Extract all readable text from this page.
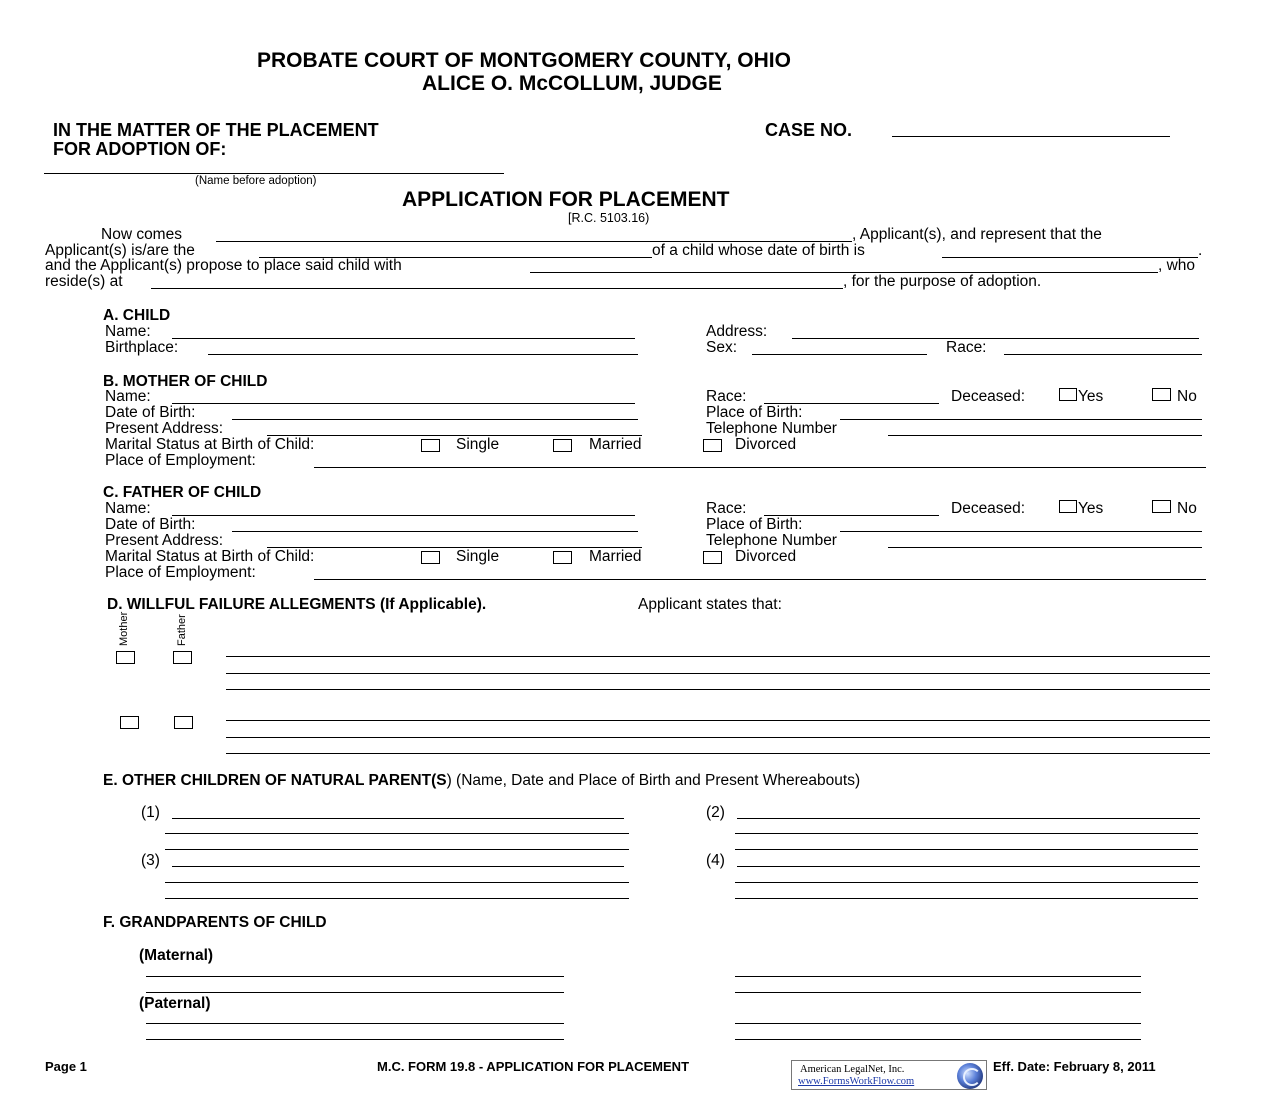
PROBATE COURT OF MONTGOMERY COUNTY, OHIO
ALICE O. McCOLLUM, JUDGE
IN THE MATTER OF THE PLACEMENT
FOR ADOPTION OF:
CASE NO.
(Name before adoption)
APPLICATION FOR PLACEMENT
[R.C. 5103.16)
Now comes	, Applicant(s), and represent that the
Applicant(s) is/are the	of a child whose date of birth is	.
and the Applicant(s) propose to place said child with	, who
reside(s) at	, for the purpose of adoption.
A. CHILD
Name:	Address:
Birthplace:	Sex:	Race:
B. MOTHER OF CHILD
Name:	Race:	Deceased:	Yes	No
Date of Birth:	Place of Birth:
Present Address:	Telephone Number
Marital Status at Birth of Child:	Single	Married	Divorced
Place of Employment:
C. FATHER OF CHILD
Name:	Race:	Deceased:	Yes	No
Date of Birth:	Place of Birth:
Present Address:	Telephone Number
Marital Status at Birth of Child:	Single	Married	Divorced
Place of Employment:
D. WILLFUL FAILURE ALLEGMENTS (If Applicable).	Applicant states that:
Mother	Father
E. OTHER CHILDREN OF NATURAL PARENT(S) (Name, Date and Place of Birth and Present Whereabouts)
(1)	(2)
(3)	(4)
F. GRANDPARENTS OF CHILD
(Maternal)
(Paternal)
Page 1	M.C. FORM 19.8 - APPLICATION FOR PLACEMENT	American LegalNet, Inc.
www.FormsWorkFlow.com
Eff. Date: February 8, 2011
